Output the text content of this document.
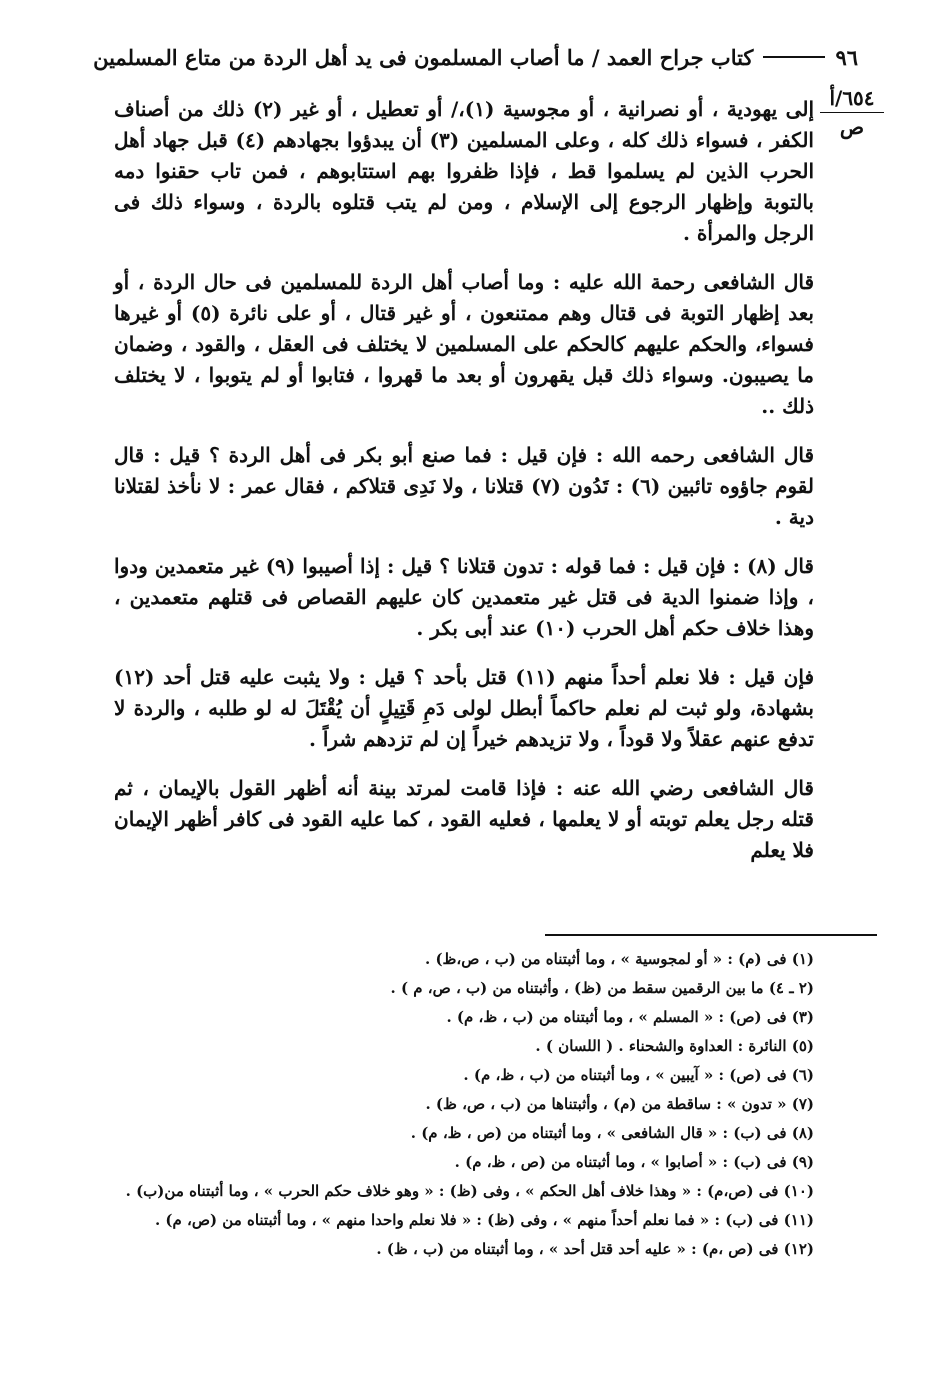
٩٦
كتاب جراح العمد / ما أصاب المسلمون فى يد أهل الردة من متاع المسلمين
٦٥٤/أ
ص

إلى يهودية ، أو نصرانية ، أو مجوسية (١)،/ أو تعطيل ، أو غير (٢) ذلك من أصناف الكفر ، فسواء ذلك كله ، وعلى المسلمين (٣) أن يبدؤوا بجهادهم (٤) قبل جهاد أهل الحرب الذين لم يسلموا قط ، فإذا ظفروا بهم استتابوهم ، فمن تاب حقنوا دمه بالتوبة وإظهار الرجوع إلى الإسلام ، ومن لم يتب قتلوه بالردة ، وسواء ذلك فى الرجل والمرأة .

قال الشافعى رحمة الله عليه : وما أصاب أهل الردة للمسلمين فى حال الردة ، أو بعد إظهار التوبة فى قتال وهم ممتنعون ، أو غير قتال ، أو على نائرة (٥) أو غيرها فسواء، والحكم عليهم كالحكم على المسلمين لا يختلف فى العقل ، والقود ، وضمان ما يصيبون. وسواء ذلك قبل يقهرون أو بعد ما قهروا ، فتابوا أو لم يتوبوا ، لا يختلف ذلك ..

قال الشافعى رحمه الله : فإن قيل : فما صنع أبو بكر فى أهل الردة ؟ قيل : قال لقوم جاؤوه تائبين (٦) : تَدُون (٧) قتلانا ، ولا نَدِى قتلاكم ، فقال عمر : لا نأخذ لقتلانا دية .

قال (٨) : فإن قيل : فما قوله : تدون قتلانا ؟ قيل : إذا أصيبوا (٩) غير متعمدين ودوا ، وإذا ضمنوا الدية فى قتل غير متعمدين كان عليهم القصاص فى قتلهم متعمدين ، وهذا خلاف حكم أهل الحرب (١٠) عند أبى بكر .

فإن قيل : فلا نعلم أحداً منهم (١١) قتل بأحد ؟ قيل : ولا يثبت عليه قتل أحد (١٢) بشهادة، ولو ثبت لم نعلم حاكماً أبطل لولى دَمِ قَتِيلٍ أن يُقْتَلَ له لو طلبه ، والردة لا تدفع عنهم عقلاً ولا قوداً ، ولا تزيدهم خيراً إن لم تزدهم شراً .

قال الشافعى رضي الله عنه : فإذا قامت لمرتد بينة أنه أظهر القول بالإيمان ، ثم قتله رجل يعلم توبته أو لا يعلمها ، فعليه القود ، كما عليه القود فى كافر أظهر الإيمان فلا يعلم

(١) فى (م) : « أو لمجوسية » ، وما أثبتناه من (ب ، ص،ظ) .

(٢ ـ ٤) ما بين الرقمين سقط من (ظ) ، وأثبتناه من (ب ، ص، م ) .

(٣) فى (ص) : « المسلم » ، وما أثبتناه من (ب ، ظ، م) .

(٥) النائرة : العداوة والشحناء . ( اللسان ) .

(٦) فى (ص) : « آيبين » ، وما أثبتناه من (ب ، ظ، م) .

(٧) « تدون » : ساقطة من (م) ، وأثبتناها من (ب ، ص، ظ) .

(٨) فى (ب) : « قال الشافعى » ، وما أثبتناه من (ص ، ظ، م) .

(٩) فى (ب) : « أصابوا » ، وما أثبتناه من (ص ، ظ، م) .

(١٠) فى (ص،م) : « وهذا خلاف أهل الحكم » ، وفى (ظ) : « وهو خلاف حكم الحرب » ، وما أثبتناه من(ب) .

(١١) فى (ب) : « فما نعلم أحداً منهم » ، وفى (ظ) : « فلا نعلم واحدا منهم » ، وما أثبتناه من (ص، م) .

(١٢) فى (ص ،م) : « عليه أحد قتل أحد » ، وما أثبتناه من (ب ، ظ) .
